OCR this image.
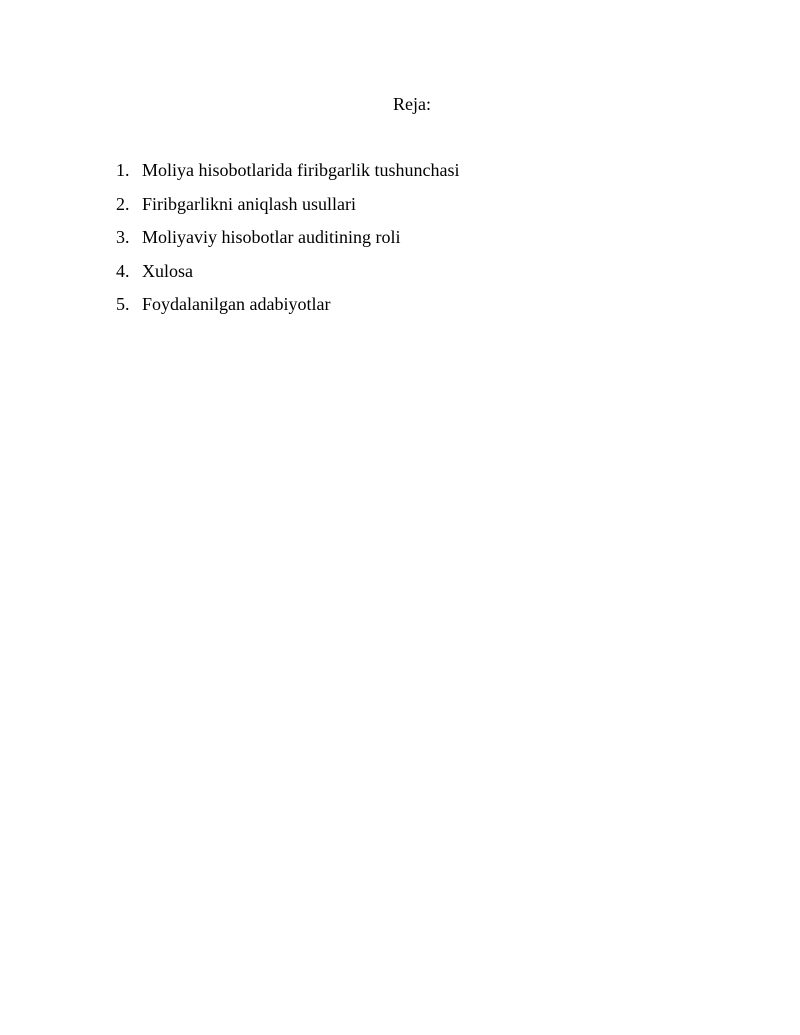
Reja:
1. Moliya hisobotlarida firibgarlik tushunchasi
2. Firibgarlikni aniqlash usullari
3. Moliyaviy hisobotlar auditining roli
4. Xulosa
5. Foydalanilgan adabiyotlar
